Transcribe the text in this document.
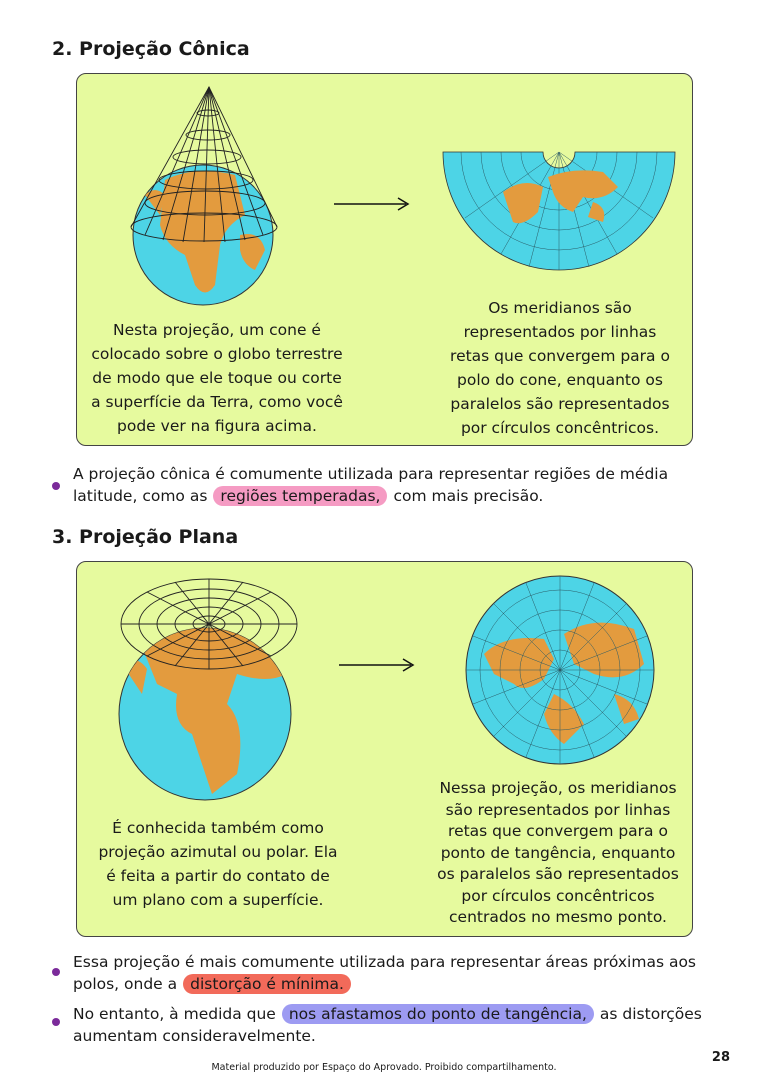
2. Projeção Cônica
Nesta projeção, um cone é colocado sobre o globo terrestre de modo que ele toque ou corte a superfície da Terra, como você pode ver na figura acima.
Os meridianos são representados por linhas retas que convergem para o polo do cone, enquanto os paralelos são representados por círculos concêntricos.
A projeção cônica é comumente utilizada para representar regiões de média latitude, como as regiões temperadas, com mais precisão.
3. Projeção Plana
É conhecida também como projeção azimutal ou polar. Ela é feita a partir do contato de um plano com a superfície.
Nessa projeção, os meridianos são representados por linhas retas que convergem para o ponto de tangência, enquanto os paralelos são representados por círculos concêntricos centrados no mesmo ponto.
Essa projeção é mais comumente utilizada para representar áreas próximas aos polos, onde a distorção é mínima.
No entanto, à medida que nos afastamos do ponto de tangência, as distorções aumentam consideravelmente.
28
Material produzido por Espaço do Aprovado. Proibido compartilhamento.
